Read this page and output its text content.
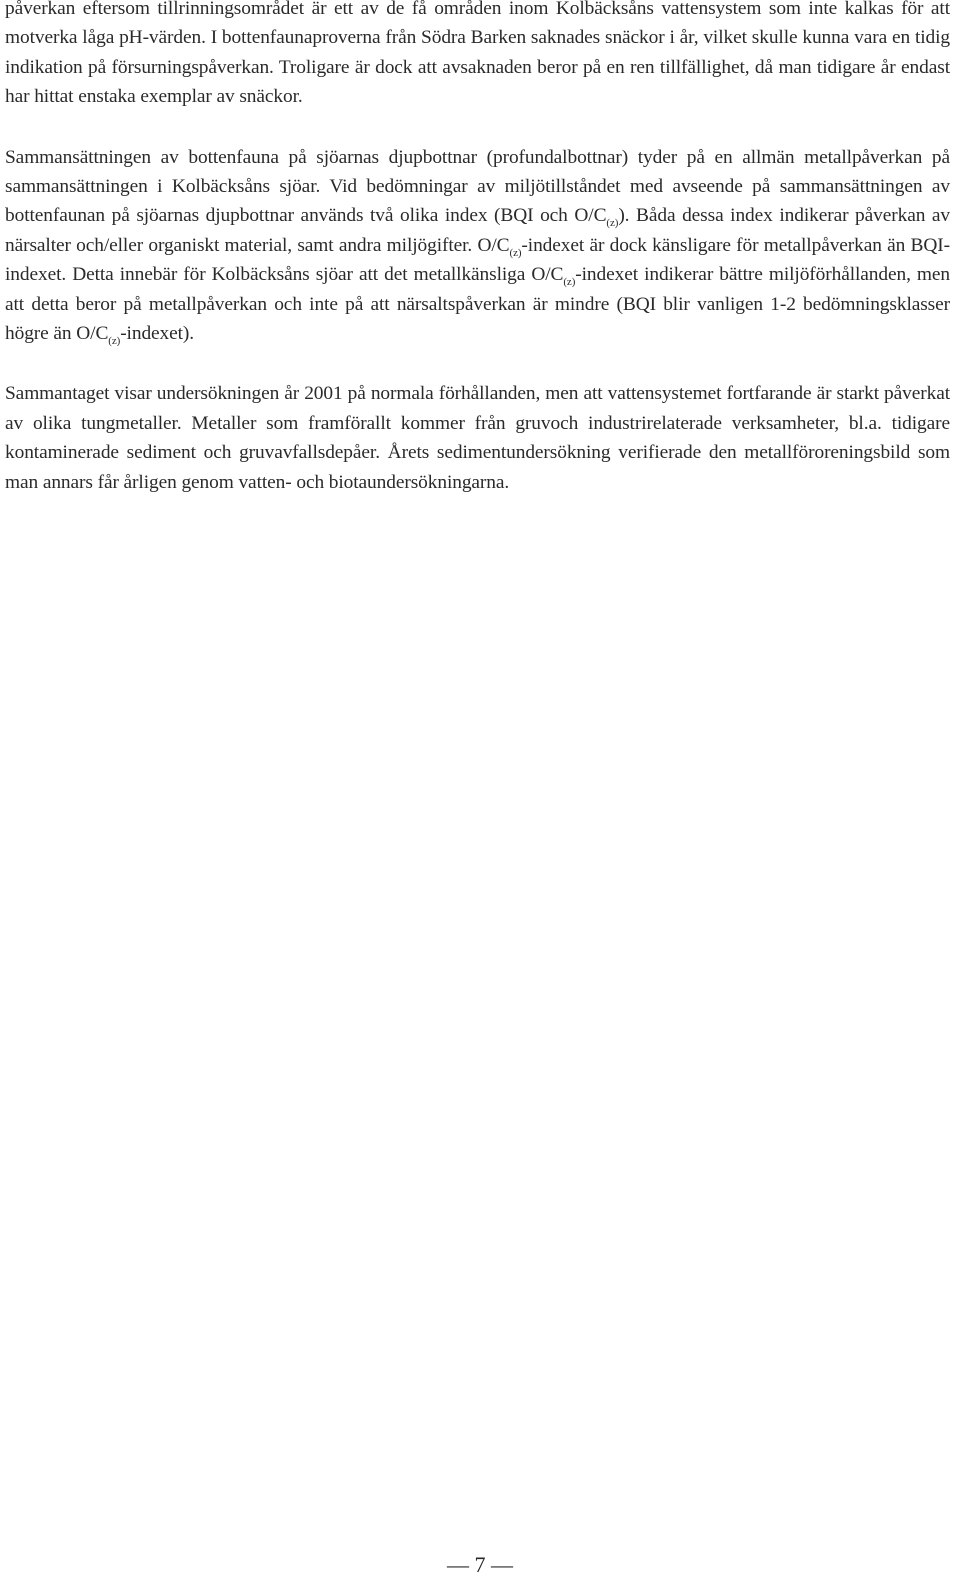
påverkan eftersom tillrinningsområdet är ett av de få områden inom Kolbäcksåns vattensystem som inte kalkas för att motverka låga pH-värden. I bottenfaunaproverna från Södra Barken saknades snäckor i år, vilket skulle kunna vara en tidig indikation på försurningspåverkan. Troligare är dock att avsaknaden beror på en ren tillfällighet, då man tidigare år endast har hittat enstaka exemplar av snäckor.

Sammansättningen av bottenfauna på sjöarnas djupbottnar (profundalbottnar) tyder på en allmän metallpåverkan på sammansättningen i Kolbäcksåns sjöar. Vid bedömningar av miljötillståndet med avseende på sammansättningen av bottenfaunan på sjöarnas djupbottnar används två olika index (BQI och $O/C_{(z)}$). Båda dessa index indikerar påverkan av närsalter och/eller organiskt material, samt andra miljögifter. $O/C_{(z)}$-indexet är dock känsligare för metallpåverkan än BQI-indexet. Detta innebär för Kolbäcksåns sjöar att det metallkänsliga $O/C_{(z)}$-indexet indikerar bättre miljöförhållanden, men att detta beror på metallpåverkan och inte på att närsaltspåverkan är mindre (BQI blir vanligen 1-2 bedömningsklasser högre än $O/C_{(z)}-indexet$).

Sammantaget visar undersökningen år 2001 på normala förhållanden, men att vattensystemet fortfarande är starkt påverkat av olika tungmetaller. Metaller som framförallt kommer från gruvoch industrirelaterade verksamheter, bl.a. tidigare kontaminerade sediment och gruvavfallsdepåer. Årets sedimentundersökning verifierade den metallföroreningsbild som man annars får årligen genom vatten- och biotaundersökningarna.

— 7 —
